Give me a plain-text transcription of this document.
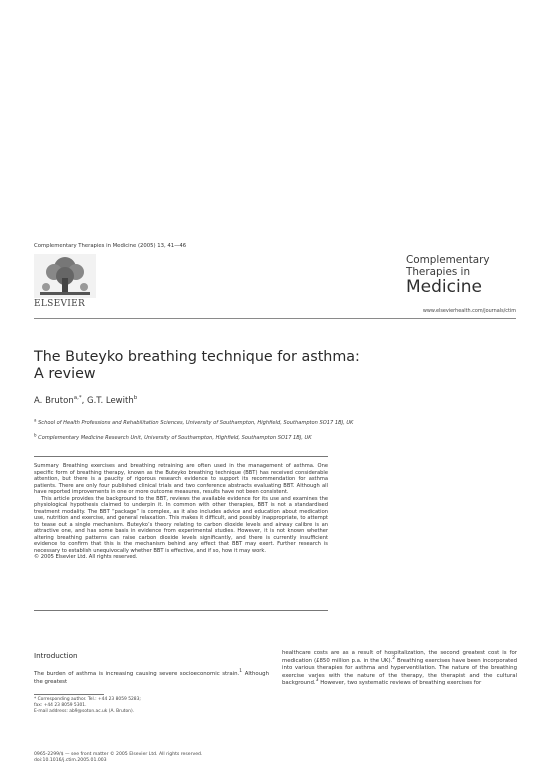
Complementary Therapies in Medicine (2005) 13, 41—46
ELSEVIER
Complementary
Therapies in
Medicine
www.elsevierhealth.com/journals/ctim
The Buteyko breathing technique for asthma:
A review
A. Bruton$^{a,*}$, G.T. Lewith$^b$
$^a$ School of Health Professions and Rehabilitation Sciences, University of Southampton, Highfield, Southampton SO17 1BJ, UK
$^b$ Complementary Medicine Research Unit, University of Southampton, Highfield, Southampton SO17 1BJ, UK

Summary Breathing exercises and breathing retraining are often used in the management of asthma. One specific form of breathing therapy, known as the Buteyko breathing technique (BBT) has received considerable attention, but there is a paucity of rigorous research evidence to support its recommendation for asthma patients. There are only four published clinical trials and two conference abstracts evaluating BBT. Although all have reported improvements in one or more outcome measures, results have not been consistent.

This article provides the background to the BBT, reviews the available evidence for its use and examines the physiological hypothesis claimed to underpin it. In common with other therapies, BBT is not a standardised treatment modality. The BBT “package” is complex, as it also includes advice and education about medication use, nutrition and exercise, and general relaxation. This makes it difficult, and possibly inappropriate, to attempt to tease out a single mechanism. Buteyko’s theory relating to carbon dioxide levels and airway calibre is an attractive one, and has some basis in evidence from experimental studies. However, it is not known whether altering breathing patterns can raise carbon dioxide levels significantly, and there is currently insufficient evidence to confirm that this is the mechanism behind any effect that BBT may exert. Further research is necessary to establish unequivocally whether BBT is effective, and if so, how it may work.

© 2005 Elsevier Ltd. All rights reserved.

Introduction
The burden of asthma is increasing causing severe socioeconomic strain.$^1$ Although the greatest
healthcare costs are as a result of hospitalization, the second greatest cost is for medication (£850 million p.a. in the UK).$^2$ Breathing exercises have been incorporated into various therapies for asthma and hyperventilation. The nature of the breathing exercise varies with the nature of the therapy, the therapist and the cultural background.$^3$ However, two systematic reviews of breathing exercises for
* Corresponding author. Tel.: +44 23 8059 5283;
fax: +44 23 8059 5301.
E-mail address: ab9@soton.ac.uk (A. Bruton).
0965-2299/$ — see front matter © 2005 Elsevier Ltd. All rights reserved.
doi:10.1016/j.ctim.2005.01.003
